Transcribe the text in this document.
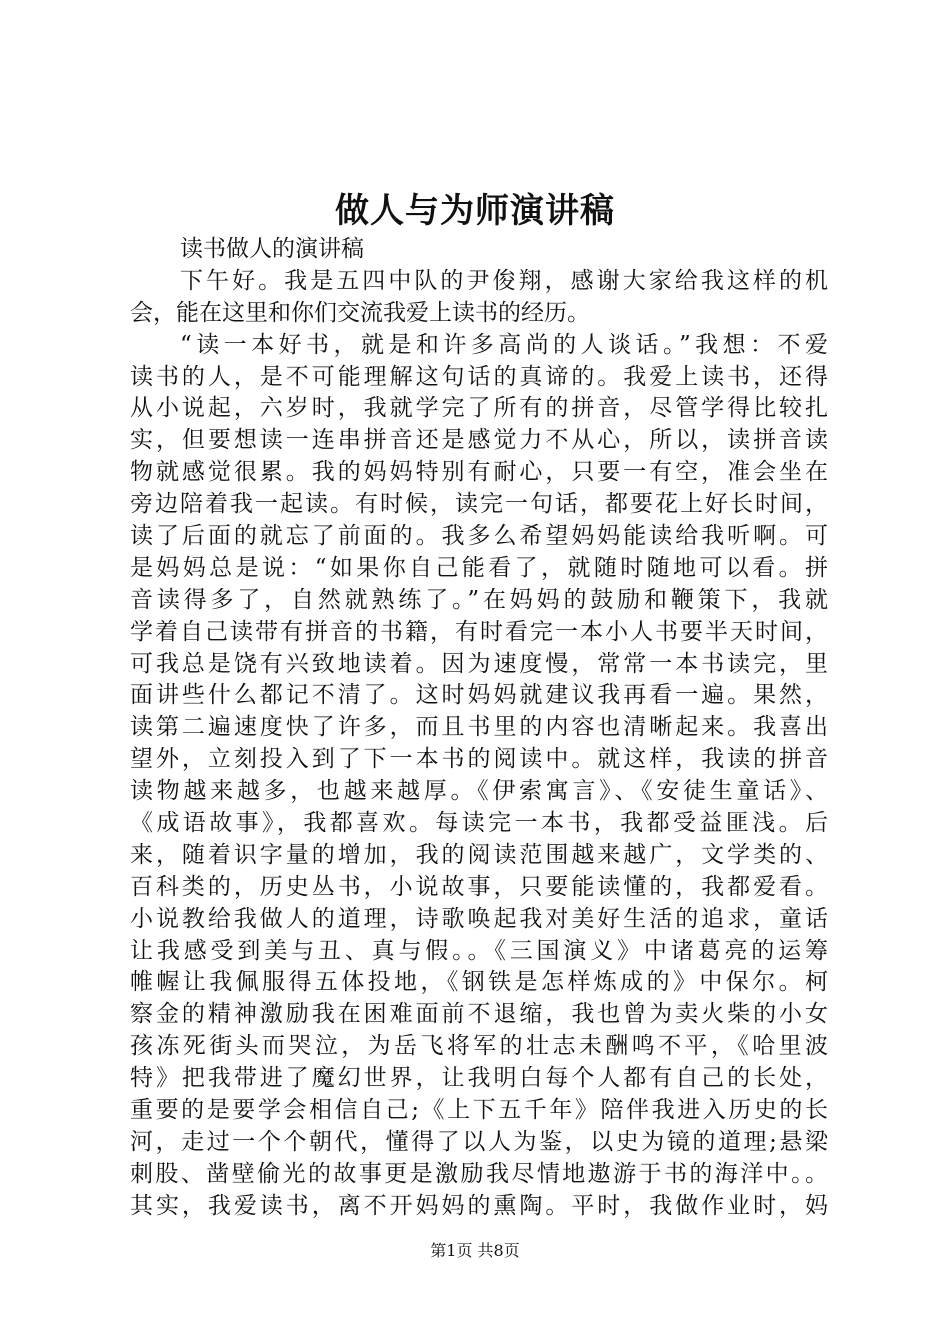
做人与为师演讲稿
读书做人的演讲稿
下午好。我是五四中队的尹俊翔，感谢大家给我这样的机
会，能在这里和你们交流我爱上读书的经历。
“读一本好书，就是和许多高尚的人谈话。”我想：不爱
读书的人，是不可能理解这句话的真谛的。我爱上读书，还得
从小说起，六岁时，我就学完了所有的拼音，尽管学得比较扎
实，但要想读一连串拼音还是感觉力不从心，所以，读拼音读
物就感觉很累。我的妈妈特别有耐心，只要一有空，准会坐在
旁边陪着我一起读。有时候，读完一句话，都要花上好长时间，
读了后面的就忘了前面的。我多么希望妈妈能读给我听啊。可
是妈妈总是说：“如果你自己能看了，就随时随地可以看。拼
音读得多了，自然就熟练了。”在妈妈的鼓励和鞭策下，我就
学着自己读带有拼音的书籍，有时看完一本小人书要半天时间，
可我总是饶有兴致地读着。因为速度慢，常常一本书读完，里
面讲些什么都记不清了。这时妈妈就建议我再看一遍。果然，
读第二遍速度快了许多，而且书里的内容也清晰起来。我喜出
望外，立刻投入到了下一本书的阅读中。就这样，我读的拼音
读物越来越多，也越来越厚。《伊索寓言》、《安徒生童话》、
《成语故事》，我都喜欢。每读完一本书，我都受益匪浅。后
来，随着识字量的增加，我的阅读范围越来越广，文学类的、
百科类的，历史丛书，小说故事，只要能读懂的，我都爱看。
小说教给我做人的道理，诗歌唤起我对美好生活的追求，童话
让我感受到美与丑、真与假。。《三国演义》中诸葛亮的运筹
帷幄让我佩服得五体投地，《钢铁是怎样炼成的》中保尔。柯
察金的精神激励我在困难面前不退缩，我也曾为卖火柴的小女
孩冻死街头而哭泣，为岳飞将军的壮志未酬鸣不平，《哈里波
特》把我带进了魔幻世界，让我明白每个人都有自己的长处，
重要的是要学会相信自己;《上下五千年》陪伴我进入历史的长
河，走过一个个朝代，懂得了以人为鉴，以史为镜的道理;悬梁
刺股、凿壁偷光的故事更是激励我尽情地遨游于书的海洋中。。
其实，我爱读书，离不开妈妈的熏陶。平时，我做作业时，妈
第1页 共8页
